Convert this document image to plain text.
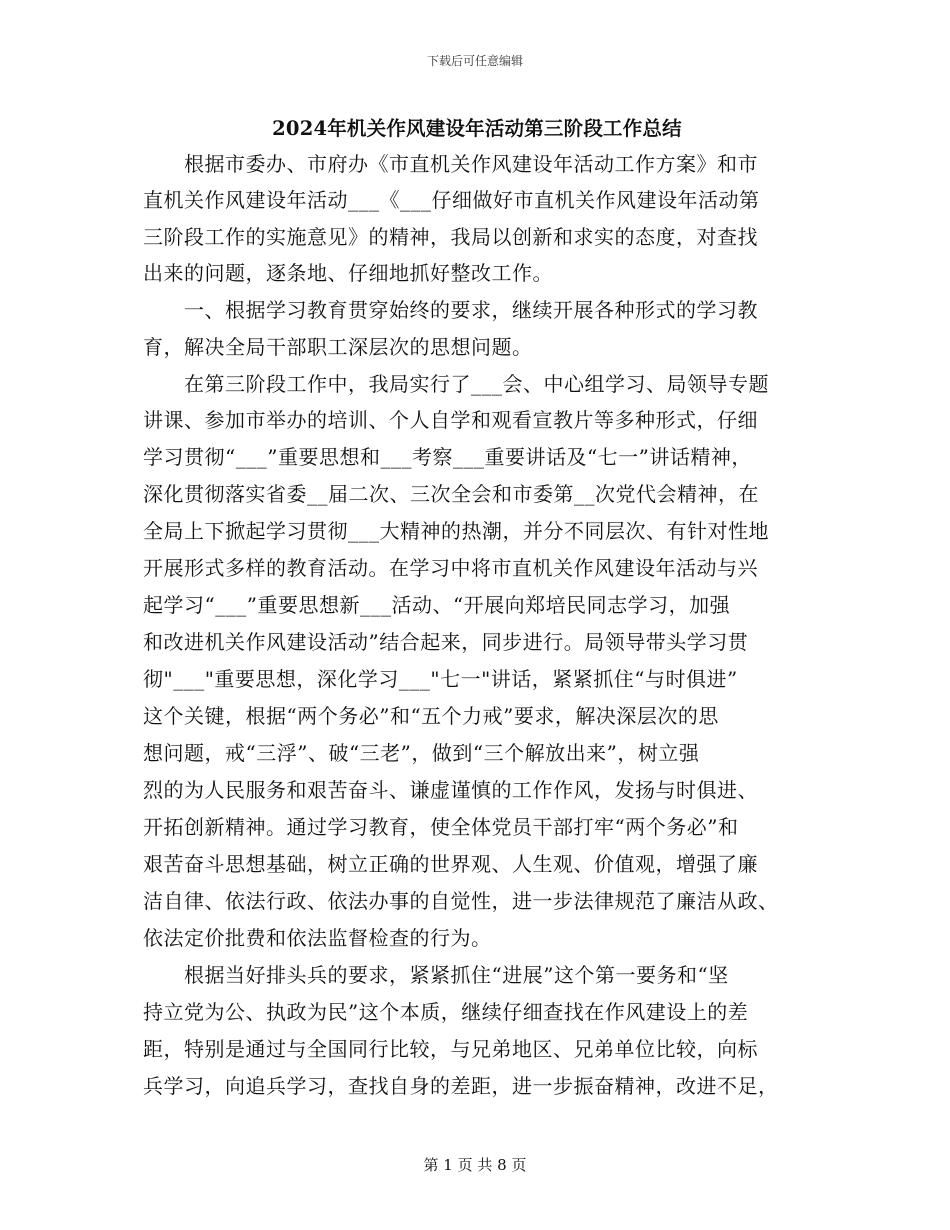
下载后可任意编辑
2024年机关作风建设年活动第三阶段工作总结
　　根据市委办、市府办《市直机关作风建设年活动工作方案》和市
直机关作风建设年活动___《___仔细做好市直机关作风建设年活动第
三阶段工作的实施意见》的精神，我局以创新和求实的态度，对查找
出来的问题，逐条地、仔细地抓好整改工作。
　　一、根据学习教育贯穿始终的要求，继续开展各种形式的学习教
育，解决全局干部职工深层次的思想问题。
　　在第三阶段工作中，我局实行了___会、中心组学习、局领导专题
讲课、参加市举办的培训、个人自学和观看宣教片等多种形式，仔细
学习贯彻“___”重要思想和___考察___重要讲话及“七一”讲话精神，
深化贯彻落实省委__届二次、三次全会和市委第__次党代会精神，在
全局上下掀起学习贯彻___大精神的热潮，并分不同层次、有针对性地
开展形式多样的教育活动。在学习中将市直机关作风建设年活动与兴
起学习“___”重要思想新___活动、“开展向郑培民同志学习，加强
和改进机关作风建设活动”结合起来，同步进行。局领导带头学习贯
彻"___"重要思想，深化学习___"七一"讲话，紧紧抓住“与时俱进”
这个关键，根据“两个务必”和“五个力戒”要求，解决深层次的思
想问题，戒“三浮”、破“三老”，做到“三个解放出来”，树立强
烈的为人民服务和艰苦奋斗、谦虚谨慎的工作作风，发扬与时俱进、
开拓创新精神。通过学习教育，使全体党员干部打牢“两个务必”和
艰苦奋斗思想基础，树立正确的世界观、人生观、价值观，增强了廉
洁自律、依法行政、依法办事的自觉性，进一步法律规范了廉洁从政、
依法定价批费和依法监督检查的行为。
　　根据当好排头兵的要求，紧紧抓住“进展”这个第一要务和“坚
持立党为公、执政为民”这个本质，继续仔细查找在作风建设上的差
距，特别是通过与全国同行比较，与兄弟地区、兄弟单位比较，向标
兵学习，向追兵学习，查找自身的差距，进一步振奋精神，改进不足，
第 1 页 共 8 页
